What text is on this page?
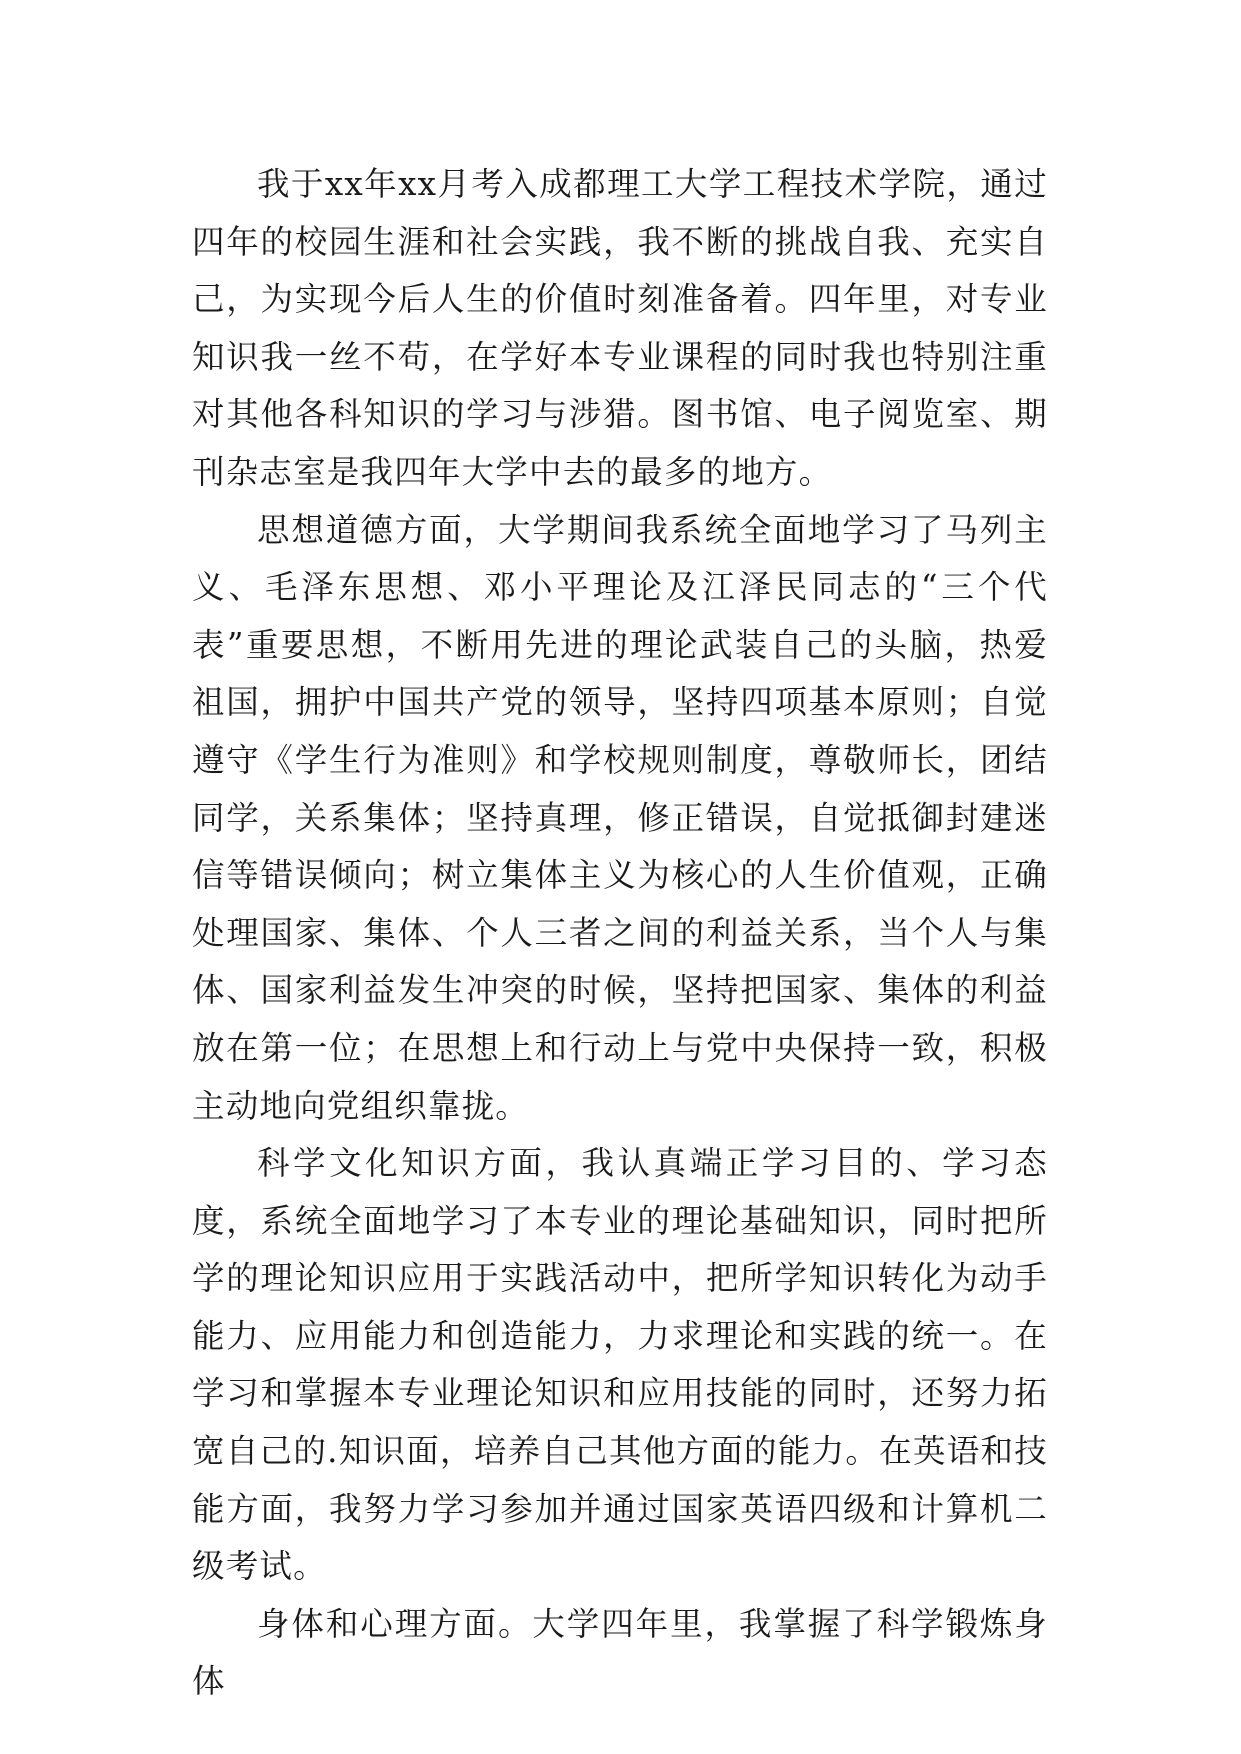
我于xx年xx月考入成都理工大学工程技术学院，通过四年的校园生涯和社会实践，我不断的挑战自我、充实自己，为实现今后人生的价值时刻准备着。四年里，对专业知识我一丝不苟，在学好本专业课程的同时我也特别注重对其他各科知识的学习与涉猎。图书馆、电子阅览室、期刊杂志室是我四年大学中去的最多的地方。

思想道德方面，大学期间我系统全面地学习了马列主义、毛泽东思想、邓小平理论及江泽民同志的“三个代表”重要思想，不断用先进的理论武装自己的头脑，热爱祖国，拥护中国共产党的领导，坚持四项基本原则；自觉遵守《学生行为准则》和学校规则制度，尊敬师长，团结同学，关系集体；坚持真理，修正错误，自觉抵御封建迷信等错误倾向；树立集体主义为核心的人生价值观，正确处理国家、集体、个人三者之间的利益关系，当个人与集体、国家利益发生冲突的时候，坚持把国家、集体的利益放在第一位；在思想上和行动上与党中央保持一致，积极主动地向党组织靠拢。

科学文化知识方面，我认真端正学习目的、学习态度，系统全面地学习了本专业的理论基础知识，同时把所学的理论知识应用于实践活动中，把所学知识转化为动手能力、应用能力和创造能力，力求理论和实践的统一。在学习和掌握本专业理论知识和应用技能的同时，还努力拓宽自己的.知识面，培养自己其他方面的能力。在英语和技能方面，我努力学习参加并通过国家英语四级和计算机二级考试。

身体和心理方面。大学四年里，我掌握了科学锻炼身体
